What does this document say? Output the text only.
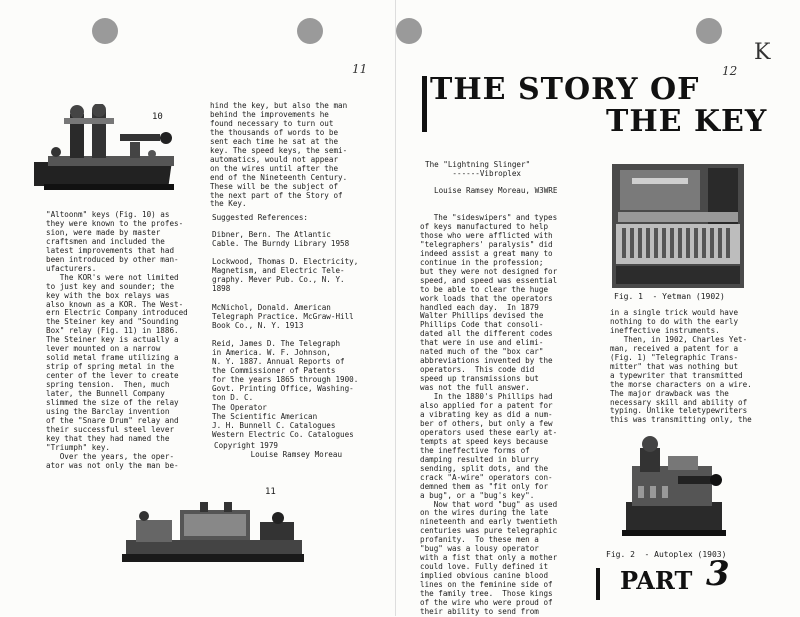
11
10
"Altoonm" keys (Fig. 10) as
they were known to the profes-
sion, were made by master
craftsmen and included the
latest improvements that had
been introduced by other man-
ufacturers.
The KOR's were not limited
to just key and sounder; the
key with the box relays was
also known as a KOR. The West-
ern Electric Company introduced
the Steiner key and "Sounding
Box" relay (Fig. 11) in 1886.
The Steiner key is actually a
lever mounted on a narrow
solid metal frame utilizing a
strip of spring metal in the
center of the lever to create
spring tension.  Then, much
later, the Bunnell Company
slimmed the size of the relay
using the Barclay invention
of the "Snare Drum" relay and
their successful steel lever
key that they had named the
"Triumph" key.
Over the years, the oper-
ator was not only the man be-
hind the key, but also the man
behind the improvements he
found necessary to turn out
the thousands of words to be
sent each time he sat at the
key. The speed keys, the semi-
automatics, would not appear
on the wires until after the
end of the Nineteenth Century.
These will be the subject of
the next part of the Story of
the Key.
Suggested References:
Dibner, Bern. The Atlantic
Cable. The Burndy Library 1958
Lockwood, Thomas D. Electricity,
Magnetism, and Electric Tele-
graphy. Mever Pub. Co., N. Y.
1898
McNichol, Donald. American
Telegraph Practice. McGraw-Hill
Book Co., N. Y. 1913
Reid, James D. The Telegraph
in America. W. F. Johnson,
N. Y. 1887. Annual Reports of
the Commissioner of Patents
for the years 1865 through 1900.
Govt. Printing Office, Washing-
ton D. C.
The Operator
The Scientific American
J. H. Bunnell C. Catalogues
Western Electric Co. Catalogues
Copyright 1979
Louise Ramsey Moreau
11
K
12
THE STORY OF
THE KEY
The "Lightning Slinger"
------Vibroplex
Louise Ramsey Moreau, W3WRE
The "sideswipers" and types
of keys manufactured to help
those who were afflicted with
"telegraphers' paralysis" did
indeed assist a great many to
continue in the profession;
but they were not designed for
speed, and speed was essential
to be able to clear the huge
work loads that the operators
handled each day.  In 1879
Walter Phillips devised the
Phillips Code that consoli-
dated all the different codes
that were in use and elimi-
nated much of the "box car"
abbreviations invented by the
operators.  This code did
speed up transmissions but
was not the full answer.
In the 1880's Phillips had
also applied for a patent for
a vibrating key as did a num-
ber of others, but only a few
operators used these early at-
tempts at speed keys because
the ineffective forms of
damping resulted in blurry
sending, split dots, and the
crack "A-wire" operators con-
demned them as "fit only for
a bug", or a "bug's key".
Now that word "bug" as used
on the wires during the late
nineteenth and early twentieth
centuries was pure telegraphic
profanity.  To these men a
"bug" was a lousy operator
with a fist that only a mother
could love. Fully defined it
implied obvious canine blood
lines on the feminine side of
the family tree.  Those kings
of the wire who were proud of
their ability to send from
Fig. 1  - Yetman (1902)
in a single trick would have
nothing to do with the early
ineffective instruments.
Then, in 1902, Charles Yet-
man, received a patent for a
(Fig. 1) "Telegraphic Trans-
mitter" that was nothing but
a typewriter that transmitted
the morse characters on a wire.
The major drawback was the
necessary skill and ability of
typing. Unlike teletypewriters
this was transmitting only, the
Fig. 2  - Autoplex (1903)
PART 3
